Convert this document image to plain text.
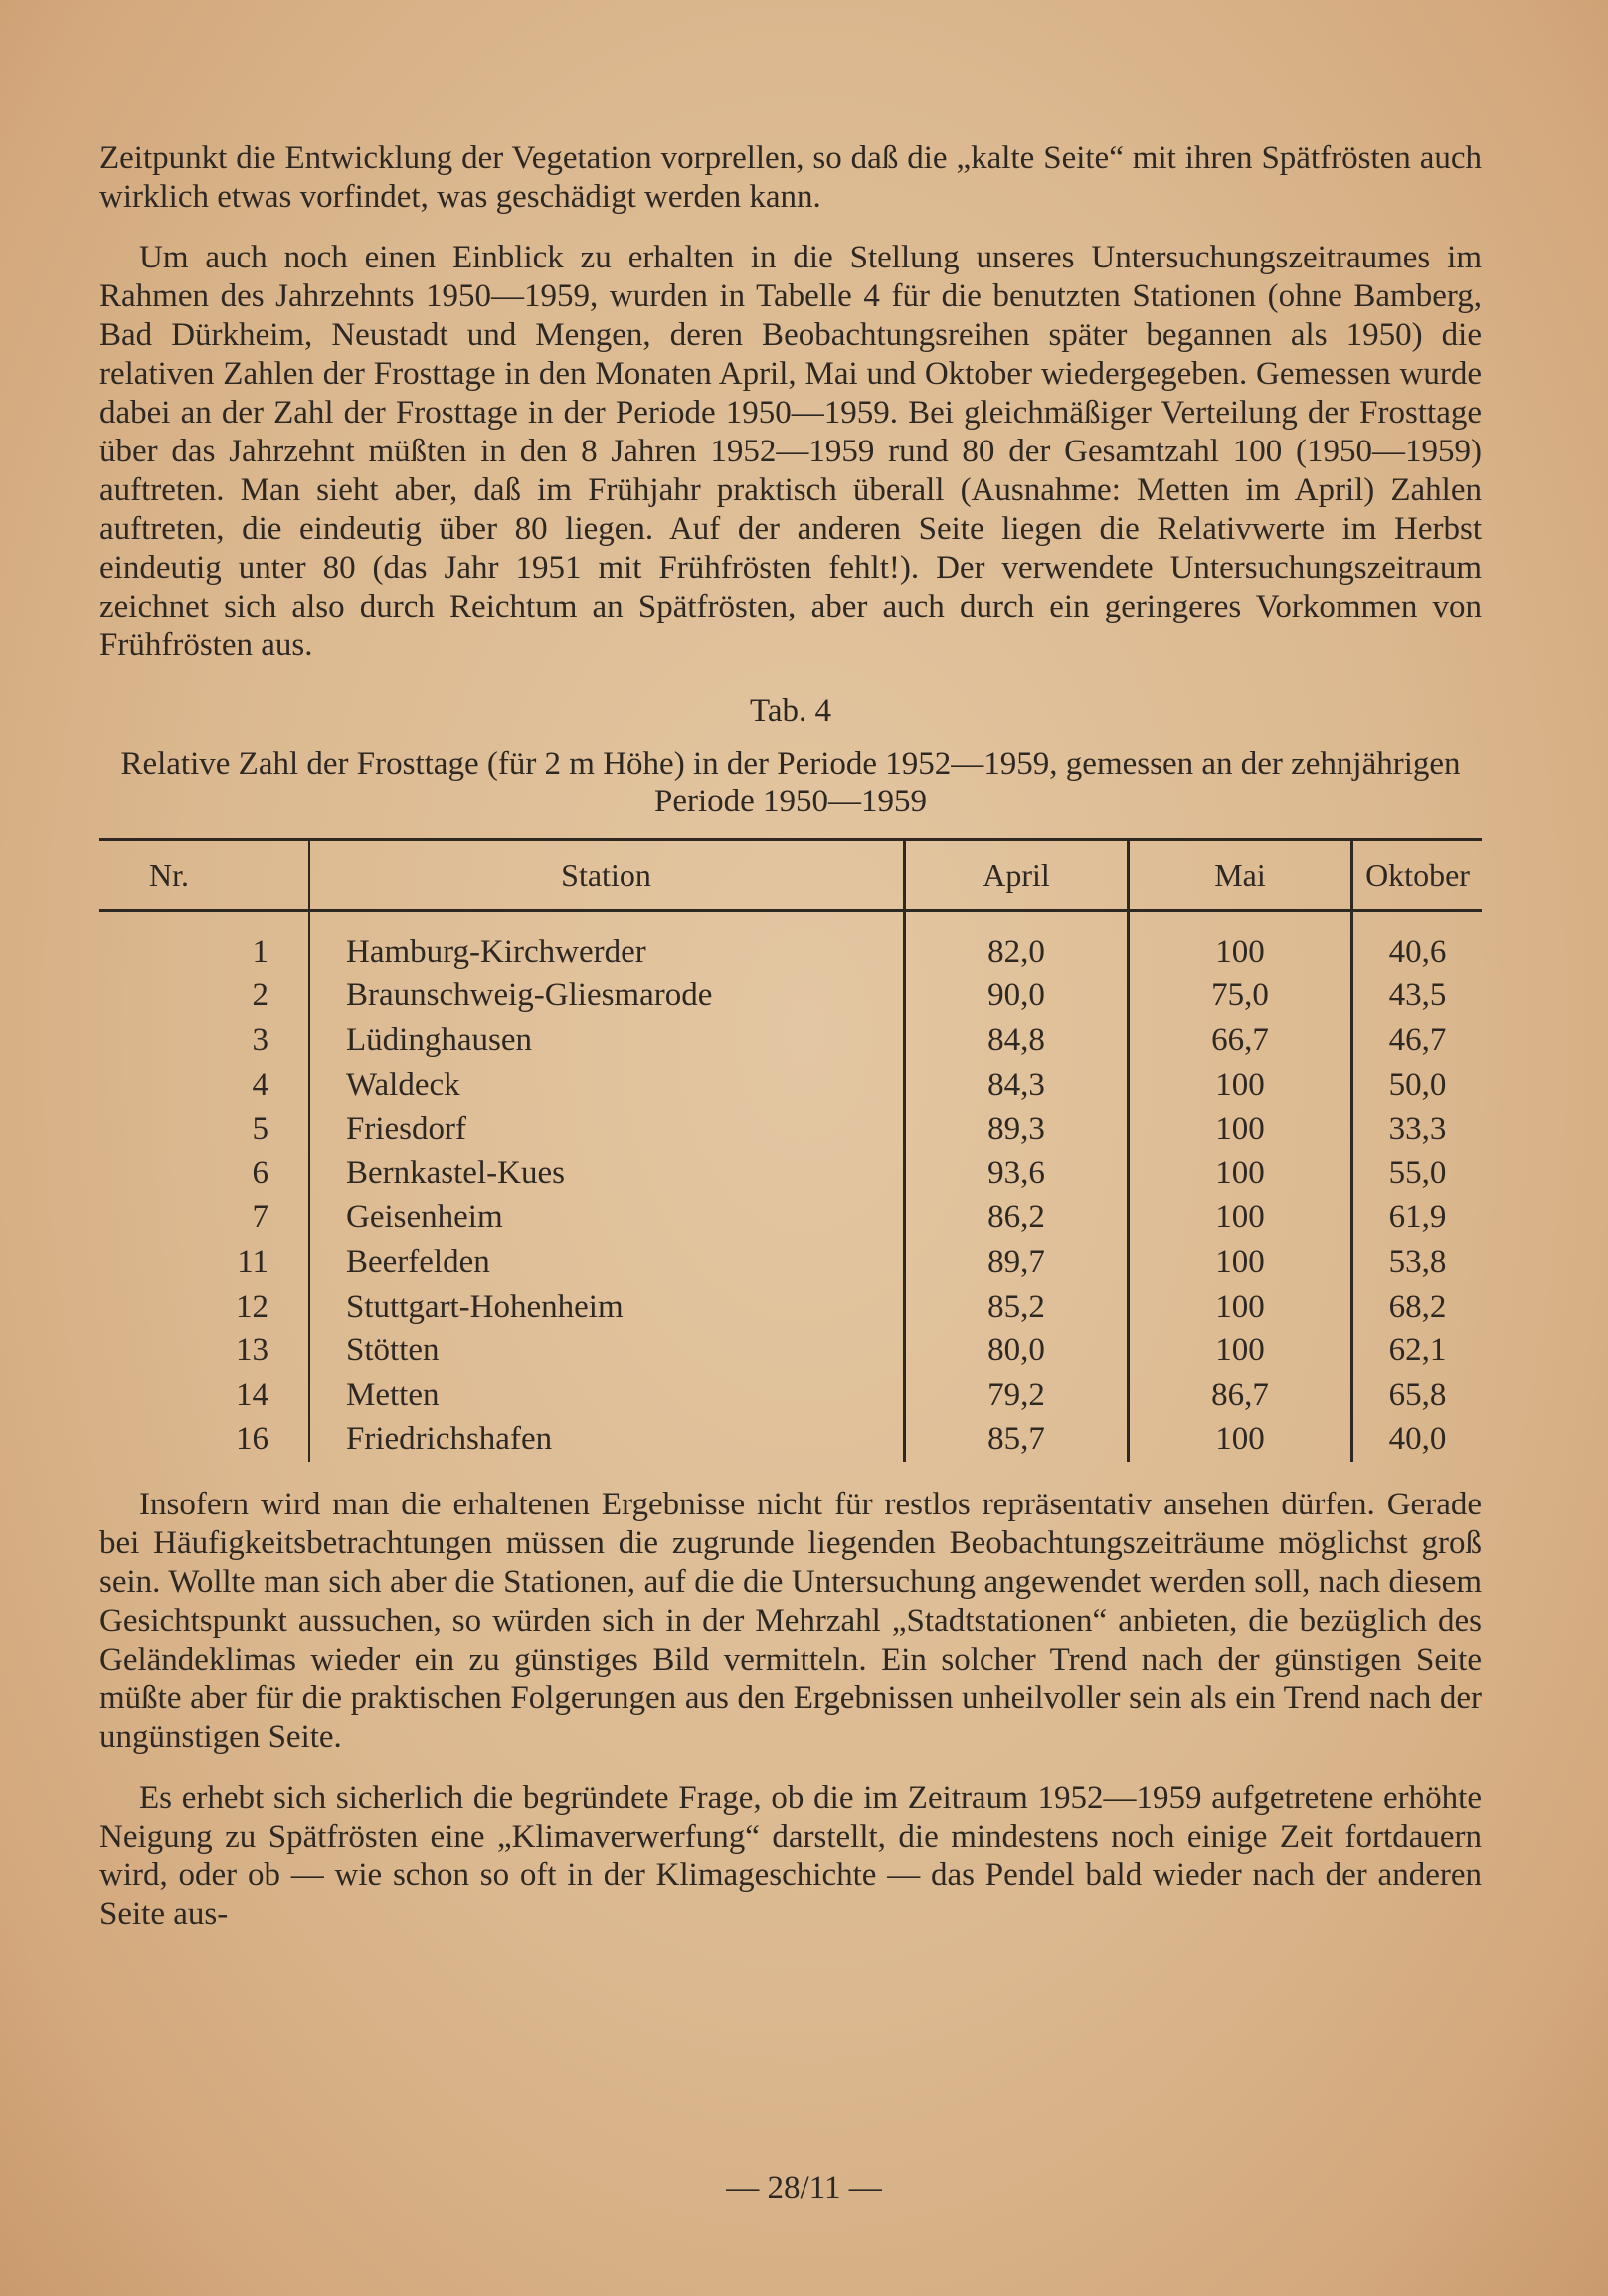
Zeitpunkt die Entwicklung der Vegetation vorprellen, so daß die „kalte Seite“ mit ihren Spätfrösten auch wirklich etwas vorfindet, was geschädigt werden kann.

Um auch noch einen Einblick zu erhalten in die Stellung unseres Untersuchungszeitraumes im Rahmen des Jahrzehnts 1950—1959, wurden in Tabelle 4 für die benutzten Stationen (ohne Bamberg, Bad Dürkheim, Neustadt und Mengen, deren Beobachtungsreihen später begannen als 1950) die relativen Zahlen der Frosttage in den Monaten April, Mai und Oktober wiedergegeben. Gemessen wurde dabei an der Zahl der Frosttage in der Periode 1950—1959. Bei gleichmäßiger Verteilung der Frosttage über das Jahrzehnt müßten in den 8 Jahren 1952—1959 rund 80 der Gesamtzahl 100 (1950—1959) auftreten. Man sieht aber, daß im Frühjahr praktisch überall (Ausnahme: Metten im April) Zahlen auftreten, die eindeutig über 80 liegen. Auf der anderen Seite liegen die Relativwerte im Herbst eindeutig unter 80 (das Jahr 1951 mit Frühfrösten fehlt!). Der verwendete Untersuchungszeitraum zeichnet sich also durch Reichtum an Spätfrösten, aber auch durch ein geringeres Vorkommen von Frühfrösten aus.

Tab. 4
Relative Zahl der Frosttage (für 2 m Höhe) in der Periode 1952—1959, gemessen an der zehnjährigen Periode 1950—1959
Nr.	Station	April	Mai	Oktober
1	Hamburg-Kirchwerder	82,0	100	40,6
2	Braunschweig-Gliesmarode	90,0	75,0	43,5
3	Lüdinghausen	84,8	66,7	46,7
4	Waldeck	84,3	100	50,0
5	Friesdorf	89,3	100	33,3
6	Bernkastel-Kues	93,6	100	55,0
7	Geisenheim	86,2	100	61,9
11	Beerfelden	89,7	100	53,8
12	Stuttgart-Hohenheim	85,2	100	68,2
13	Stötten	80,0	100	62,1
14	Metten	79,2	86,7	65,8
16	Friedrichshafen	85,7	100	40,0

Insofern wird man die erhaltenen Ergebnisse nicht für restlos repräsentativ ansehen dürfen. Gerade bei Häufigkeitsbetrachtungen müssen die zugrunde liegenden Beobachtungszeiträume möglichst groß sein. Wollte man sich aber die Stationen, auf die die Untersuchung angewendet werden soll, nach diesem Gesichtspunkt aussuchen, so würden sich in der Mehrzahl „Stadtstationen“ anbieten, die bezüglich des Geländeklimas wieder ein zu günstiges Bild vermitteln. Ein solcher Trend nach der günstigen Seite müßte aber für die praktischen Folgerungen aus den Ergebnissen unheilvoller sein als ein Trend nach der ungünstigen Seite.

Es erhebt sich sicherlich die begründete Frage, ob die im Zeitraum 1952—1959 aufgetretene erhöhte Neigung zu Spätfrösten eine „Klimaverwerfung“ darstellt, die mindestens noch einige Zeit fortdauern wird, oder ob — wie schon so oft in der Klimageschichte — das Pendel bald wieder nach der anderen Seite aus-

— 28/11 —
